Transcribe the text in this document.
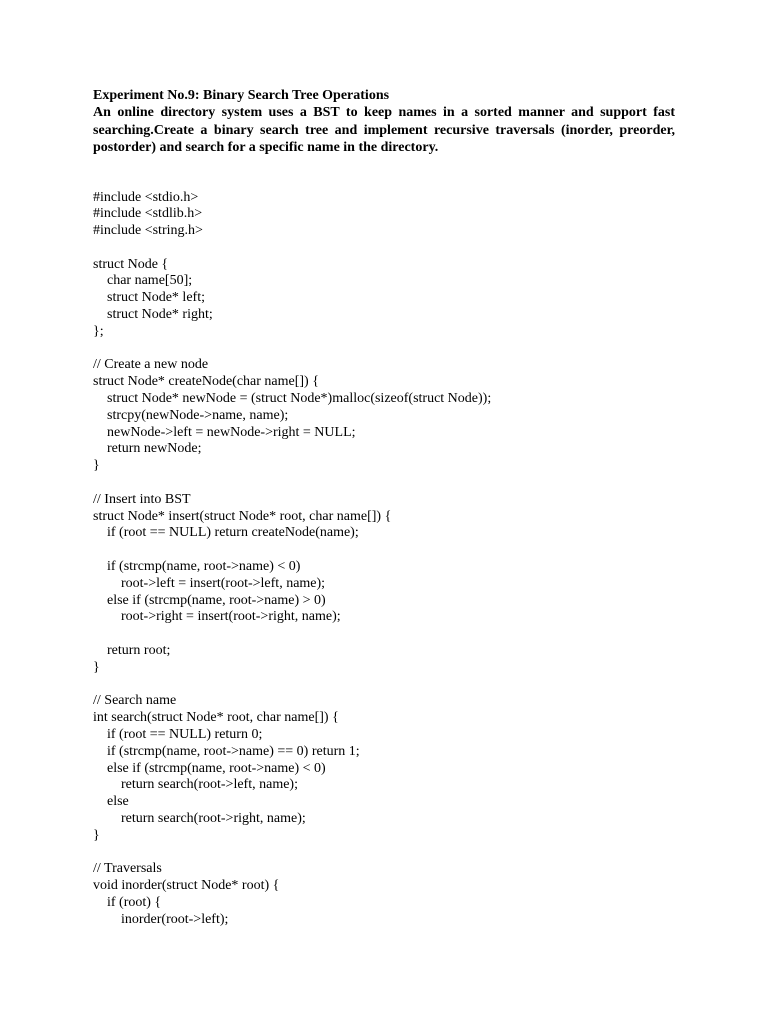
Experiment No.9: Binary Search Tree Operations

An online directory system uses a BST to keep names in a sorted manner and support fast searching.Create a binary search tree and implement recursive traversals (inorder, preorder, postorder) and search for a specific name in the directory.

#include <stdio.h>
#include <stdlib.h>
#include <string.h>
struct Node {
char name[50];
struct Node* left;
struct Node* right;
};
// Create a new node
struct Node* createNode(char name[]) {
struct Node* newNode = (struct Node*)malloc(sizeof(struct Node));
strcpy(newNode->name, name);
newNode->left = newNode->right = NULL;
return newNode;
}
// Insert into BST
struct Node* insert(struct Node* root, char name[]) {
if (root == NULL) return createNode(name);
if (strcmp(name, root->name) < 0)
root->left = insert(root->left, name);
else if (strcmp(name, root->name) > 0)
root->right = insert(root->right, name);
return root;
}
// Search name
int search(struct Node* root, char name[]) {
if (root == NULL) return 0;
if (strcmp(name, root->name) == 0) return 1;
else if (strcmp(name, root->name) < 0)
return search(root->left, name);
else
return search(root->right, name);
}
// Traversals
void inorder(struct Node* root) {
if (root) {
inorder(root->left);
